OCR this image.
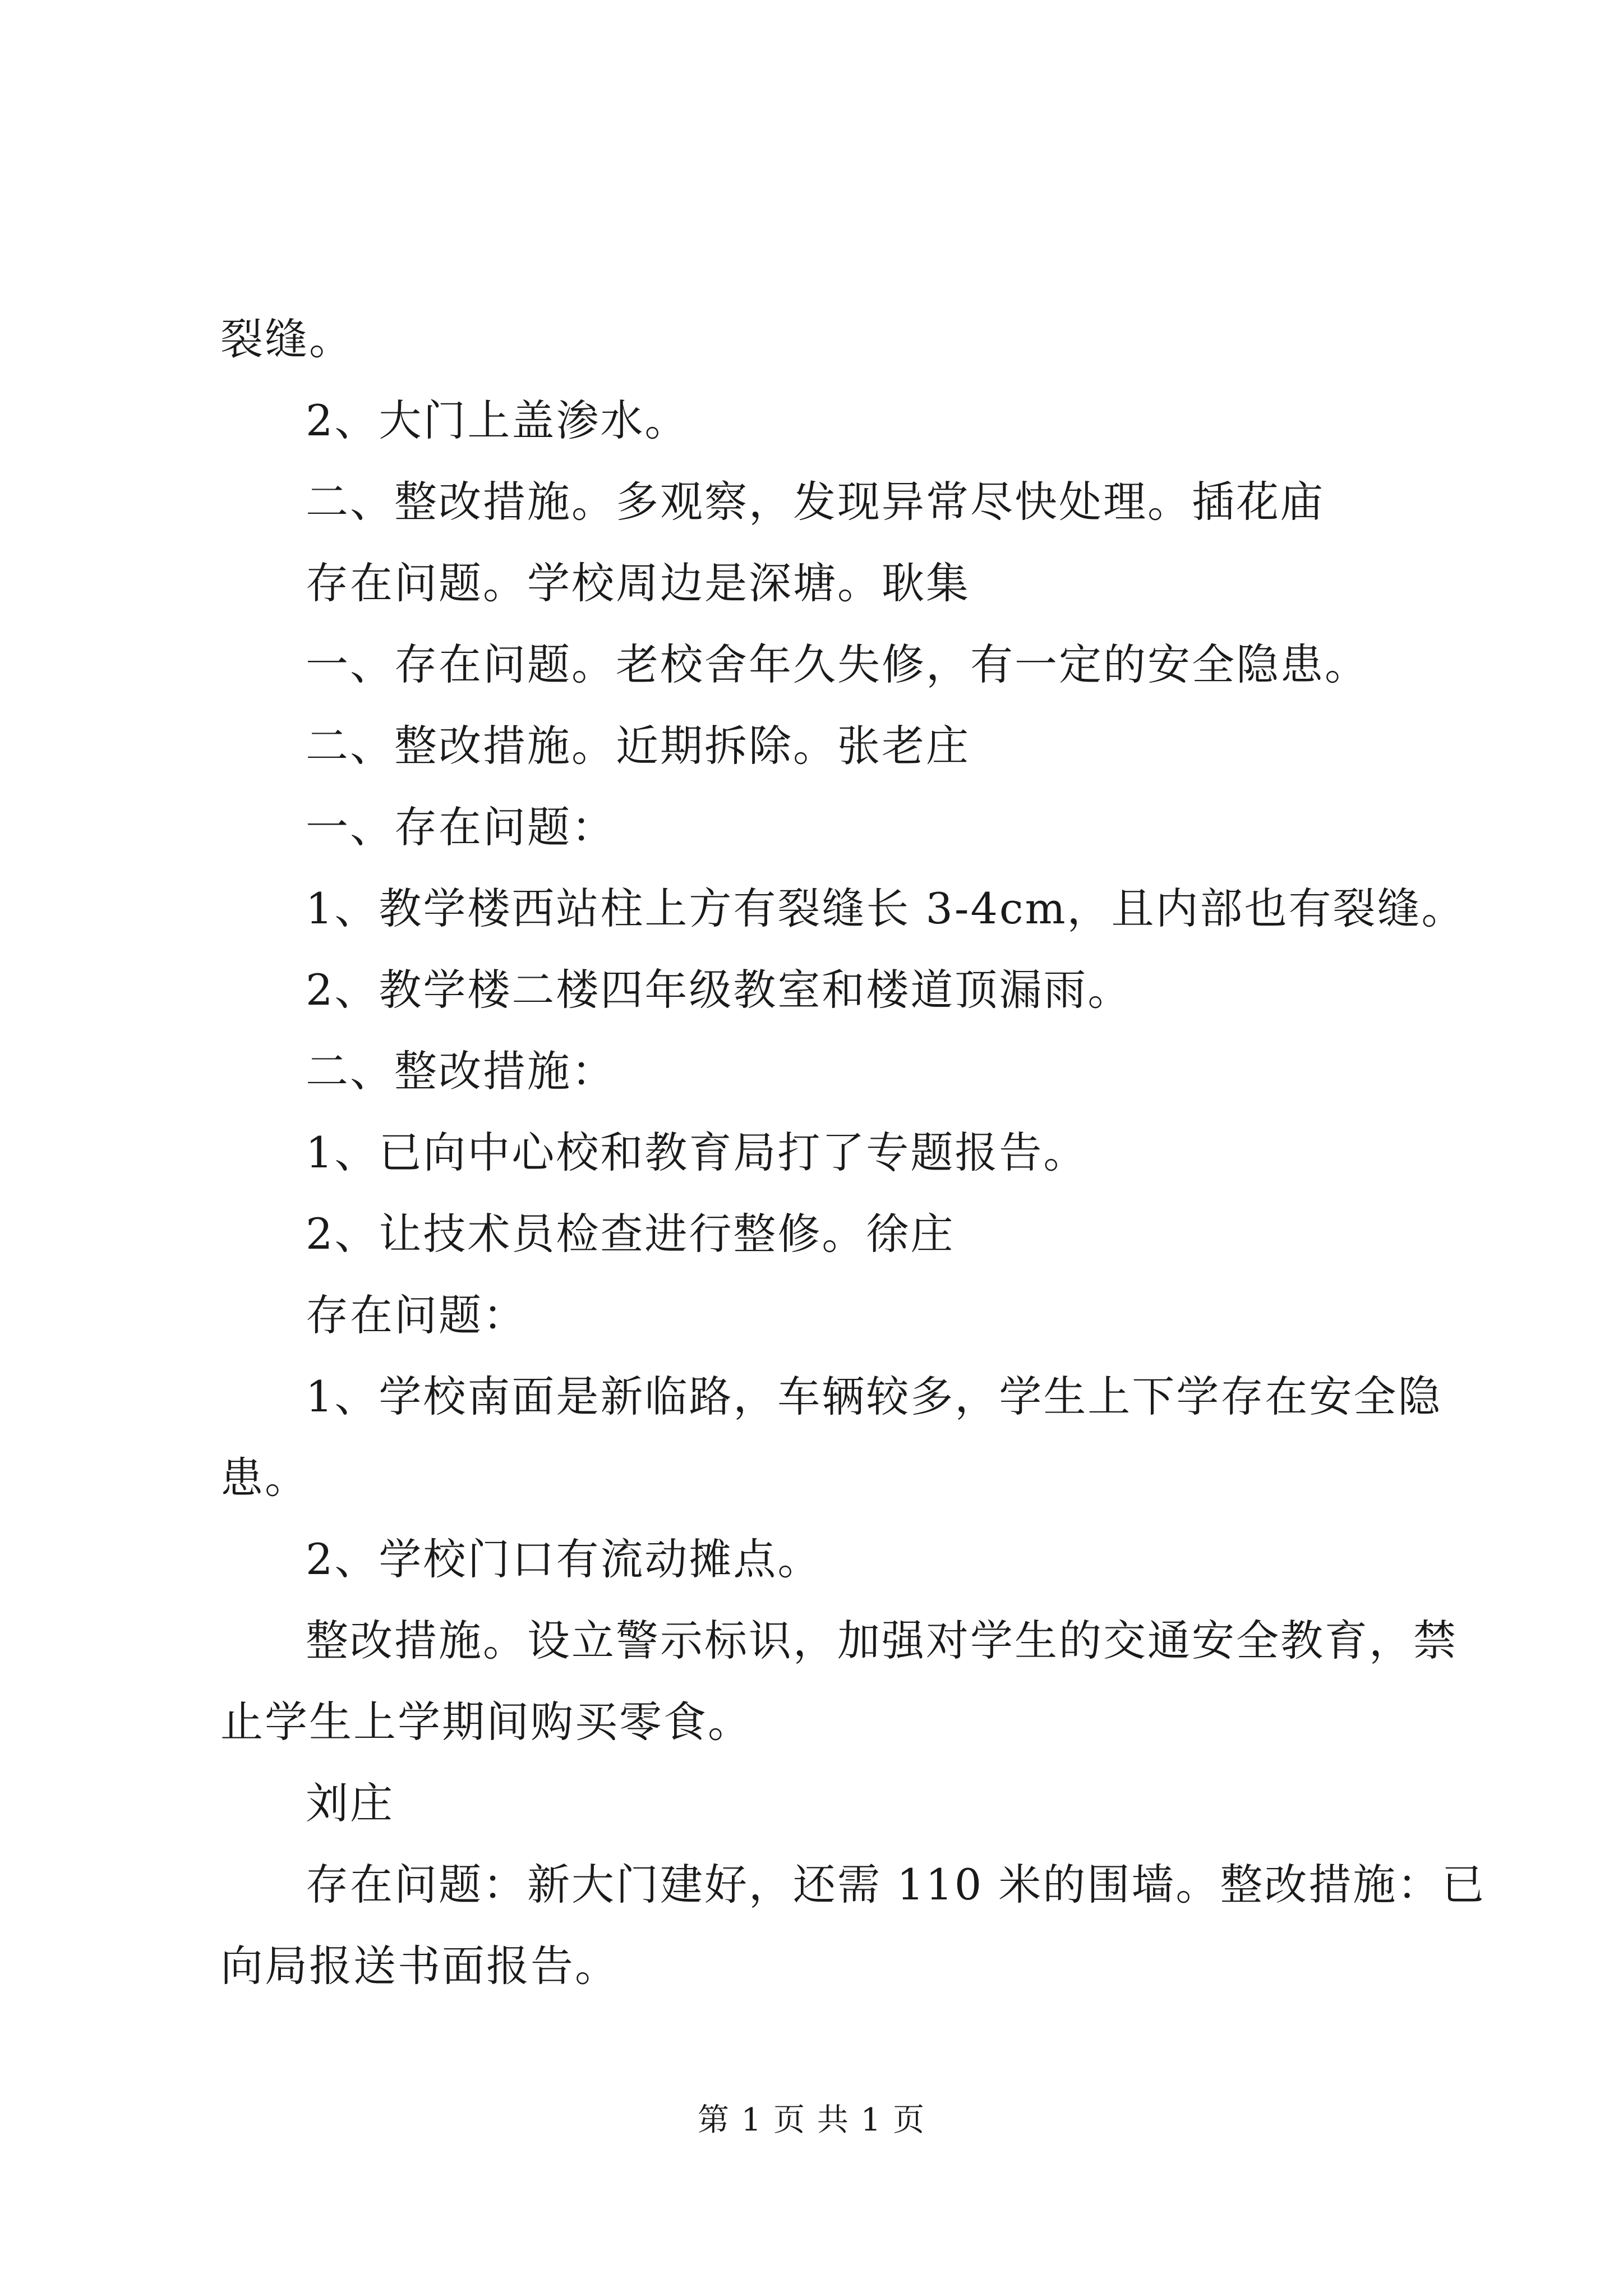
裂缝。
2、大门上盖渗水。
二、整改措施。多观察，发现异常尽快处理。插花庙
存在问题。学校周边是深塘。耿集
一、存在问题。老校舍年久失修，有一定的安全隐患。
二、整改措施。近期拆除。张老庄
一、存在问题：
1、教学楼西站柱上方有裂缝长 3-4cm，且内部也有裂缝。
2、教学楼二楼四年级教室和楼道顶漏雨。
二、整改措施：
1、已向中心校和教育局打了专题报告。
2、让技术员检查进行整修。徐庄
存在问题：
1、学校南面是新临路，车辆较多，学生上下学存在安全隐
患。
2、学校门口有流动摊点。
整改措施。设立警示标识，加强对学生的交通安全教育，禁
止学生上学期间购买零食。
刘庄
存在问题：新大门建好，还需 110 米的围墙。整改措施：已
向局报送书面报告。
第 1 页 共 1 页
